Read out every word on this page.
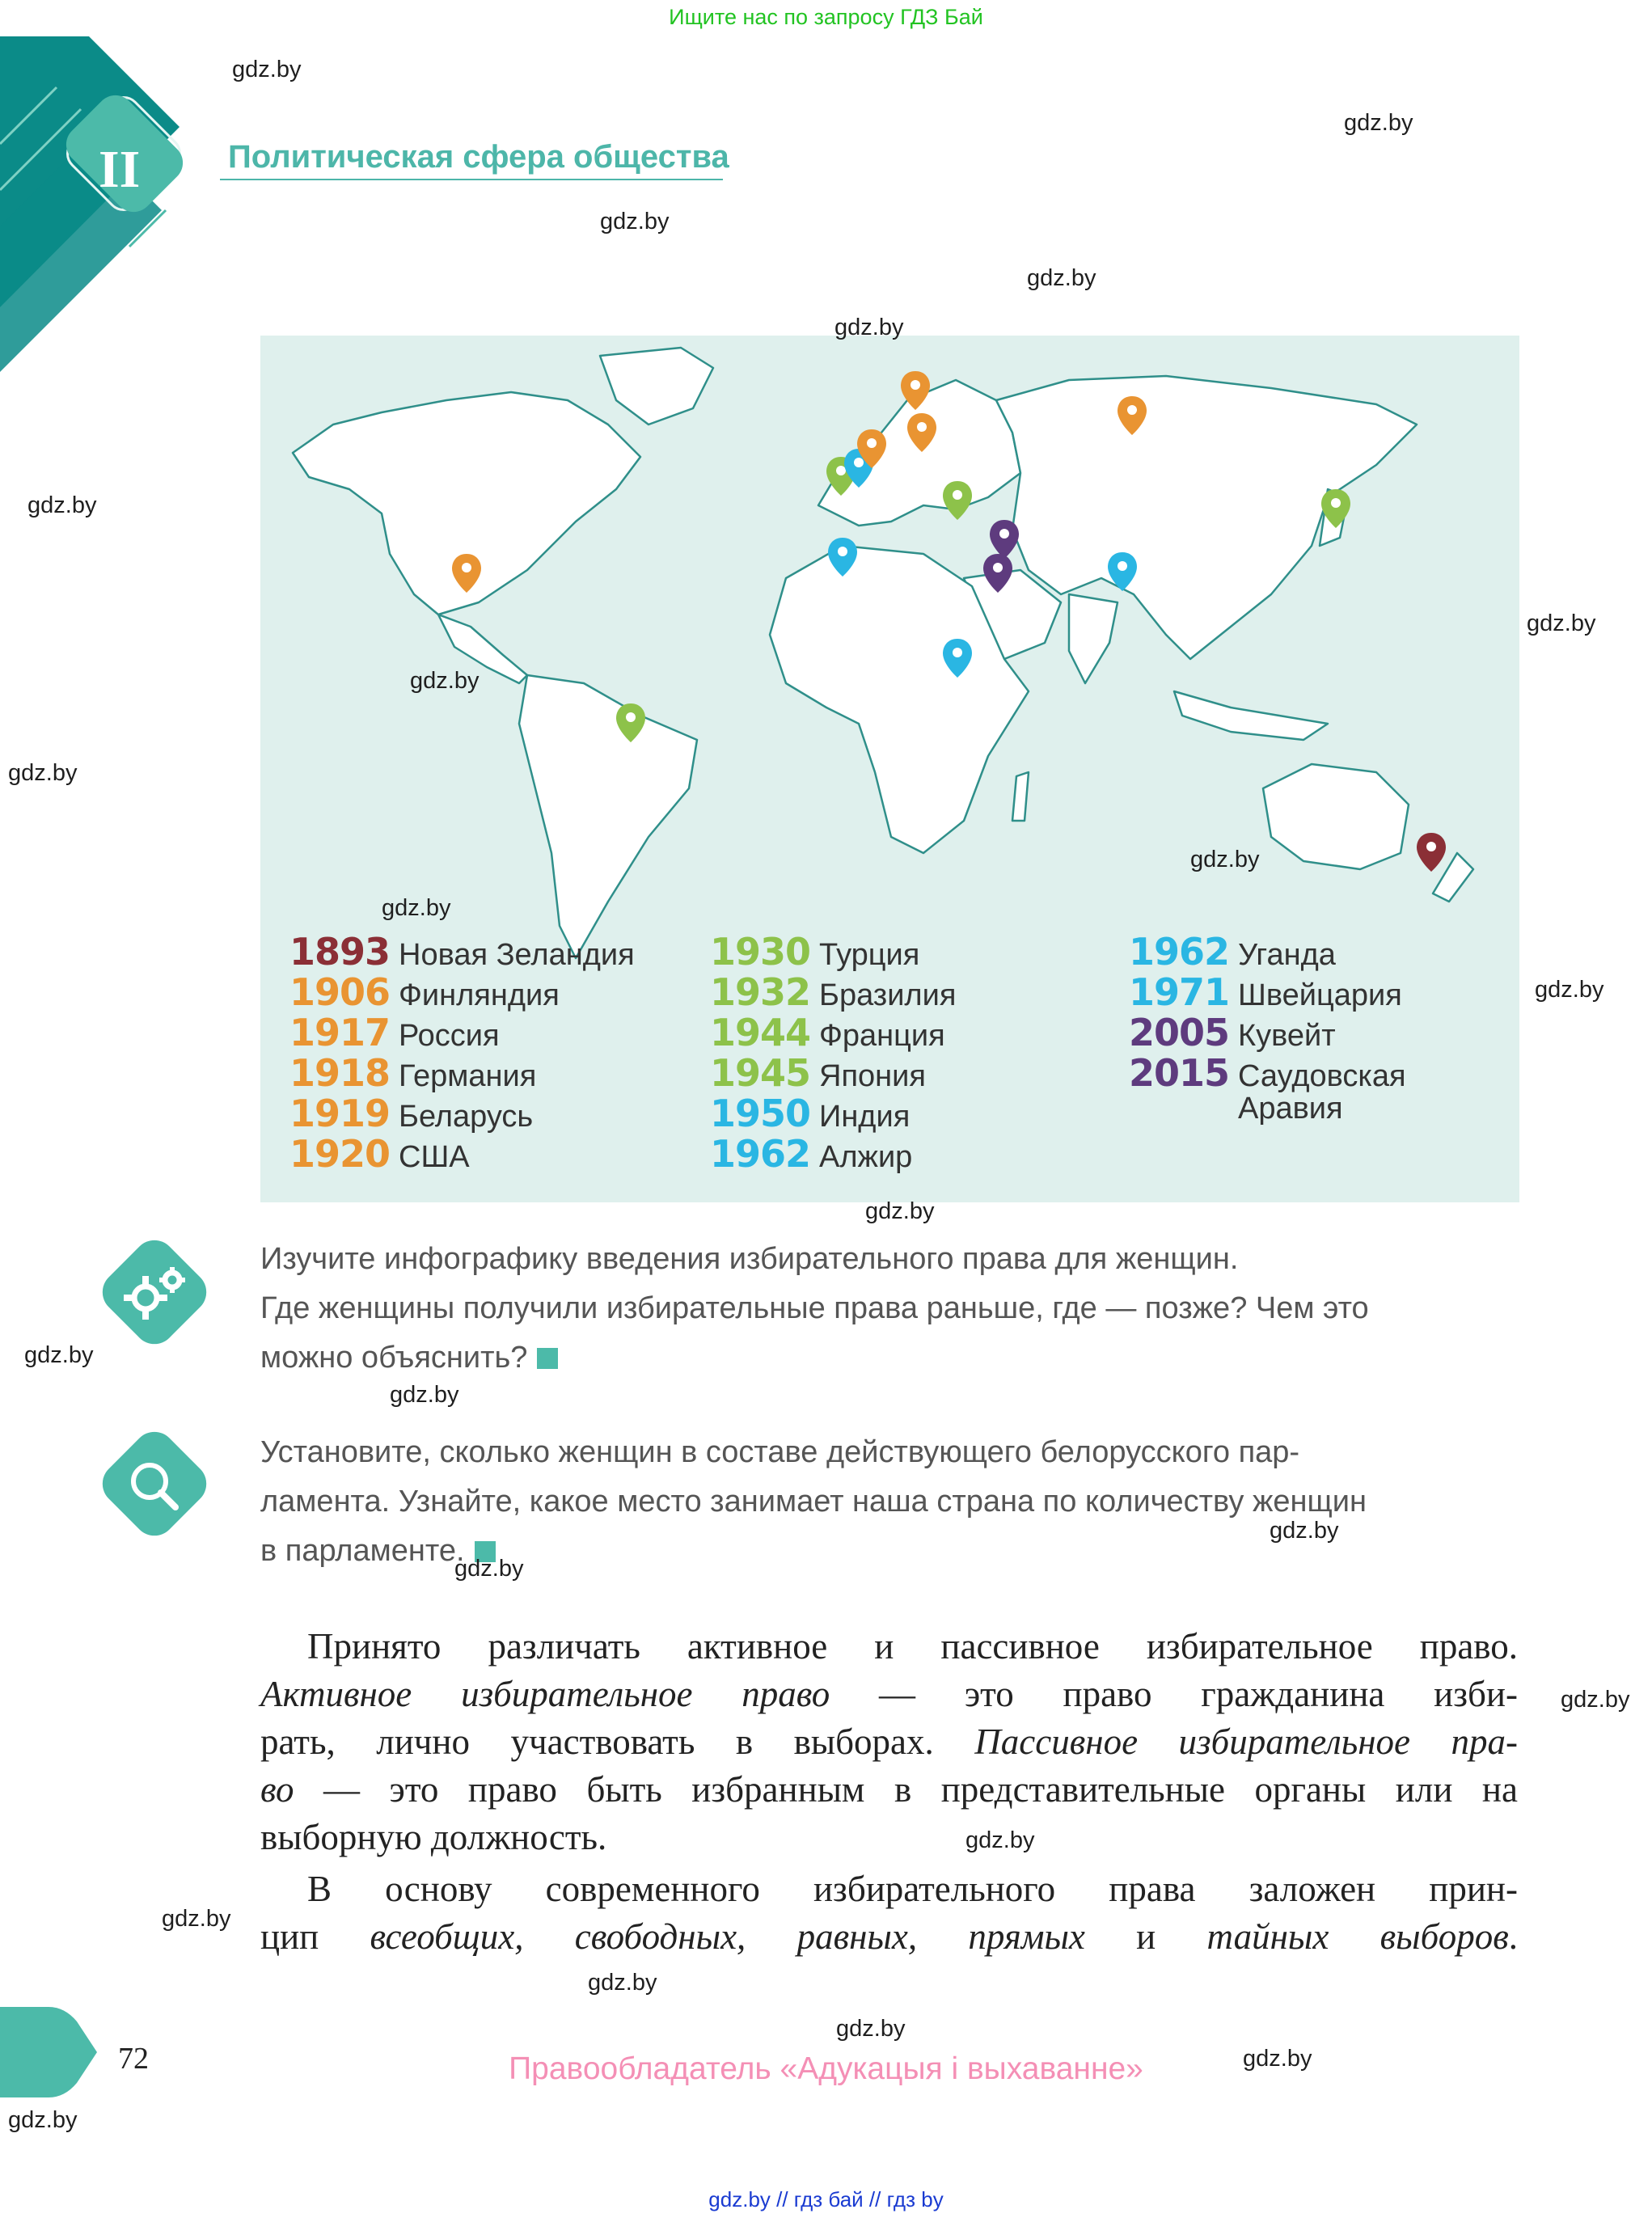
Ищите нас по запросу ГДЗ Бай
II	Политическая сфера общества
1893 Новая Зеландия
1906 Финляндия
1917 Россия
1918 Германия
1919 Беларусь
1920 США
1930 Турция
1932 Бразилия
1944 Франция
1945 Япония
1950 Индия
1962 Алжир
1962 Уганда
1971 Швейцария
2005 Кувейт
2015 Саудовская
Аравия
Изучите инфографику введения избирательного права для женщин.
Где женщины получили избирательные права раньше, где — позже? Чем это
можно объяснить?
Установите, сколько женщин в составе действующего белорусского пар-
ламента. Узнайте, какое место занимает наша страна по количеству женщин
в парламенте.
Принято различать активное и пассивное избирательное право.
Активное избирательное право — это право гражданина изби-
рать, лично участвовать в выборах. Пассивное избирательное пра-
во — это право быть избранным в представительные органы или на
выборную должность.
В основу современного избирательного права заложен прин-
цип всеобщих, свободных, равных, прямых и тайных выборов.
72	Правообладатель «Адукацыя і выхаванне»
gdz.by // гдз бай // гдз by
gdz.by
gdz.by
gdz.by
gdz.by
gdz.by
gdz.by
gdz.by
gdz.by
gdz.by
gdz.by
gdz.by
gdz.by
gdz.by
gdz.by
gdz.by
gdz.by
gdz.by
gdz.by
gdz.by
gdz.by
gdz.by
gdz.by
gdz.by
gdz.by
